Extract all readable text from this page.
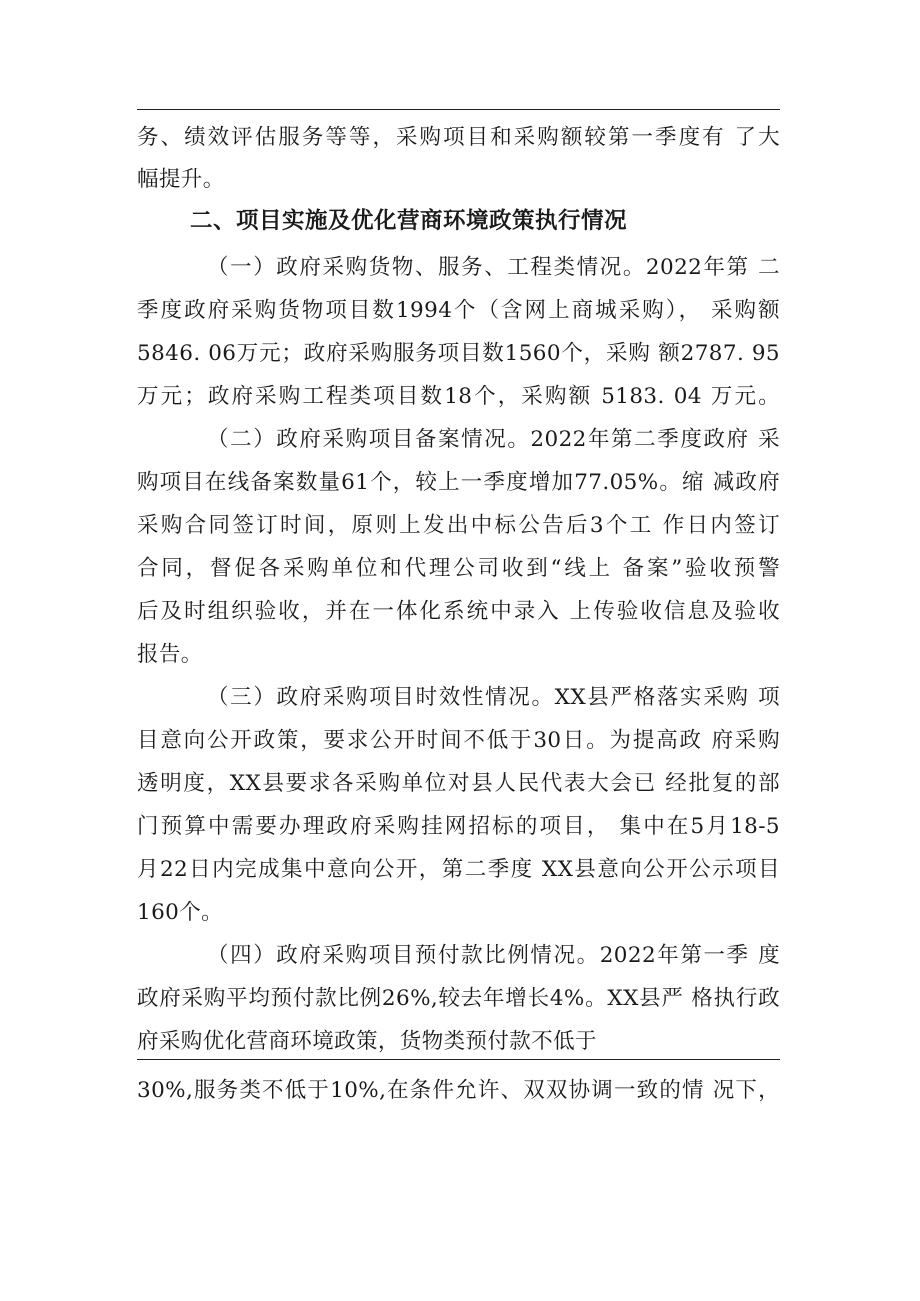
务、绩效评估服务等等，采购项目和采购额较第一季度有 了大
幅提升。
二、项目实施及优化营商环境政策执行情况
（一）政府采购货物、服务、工程类情况。2022年第 二
季度政府采购货物项目数1994个（含网上商城采购）， 采购额
5846. 06万元；政府采购服务项目数1560个，采购 额2787. 95
万元；政府采购工程类项目数18个，采购额 5183. 04 万元。
（二）政府采购项目备案情况。2022年第二季度政府 采
购项目在线备案数量61个，较上一季度增加77.05%。缩 减政府
采购合同签订时间，原则上发出中标公告后3个工 作日内签订
合同，督促各采购单位和代理公司收到“线上 备案”验收预警
后及时组织验收，并在一体化系统中录入 上传验收信息及验收
报告。
（三）政府采购项目时效性情况。XX县严格落实采购 项
目意向公开政策，要求公开时间不低于30日。为提高政 府采购
透明度，XX县要求各采购单位对县人民代表大会已 经批复的部
门预算中需要办理政府采购挂网招标的项目， 集中在5月18-5
月22日内完成集中意向公开，第二季度 XX县意向公开公示项目
160个。
（四）政府采购项目预付款比例情况。2022年第一季 度
政府采购平均预付款比例26%,较去年增长4%。XX县严 格执行政
府采购优化营商环境政策，货物类预付款不低于
30%,服务类不低于10%,在条件允许、双双协调一致的情 况下，
